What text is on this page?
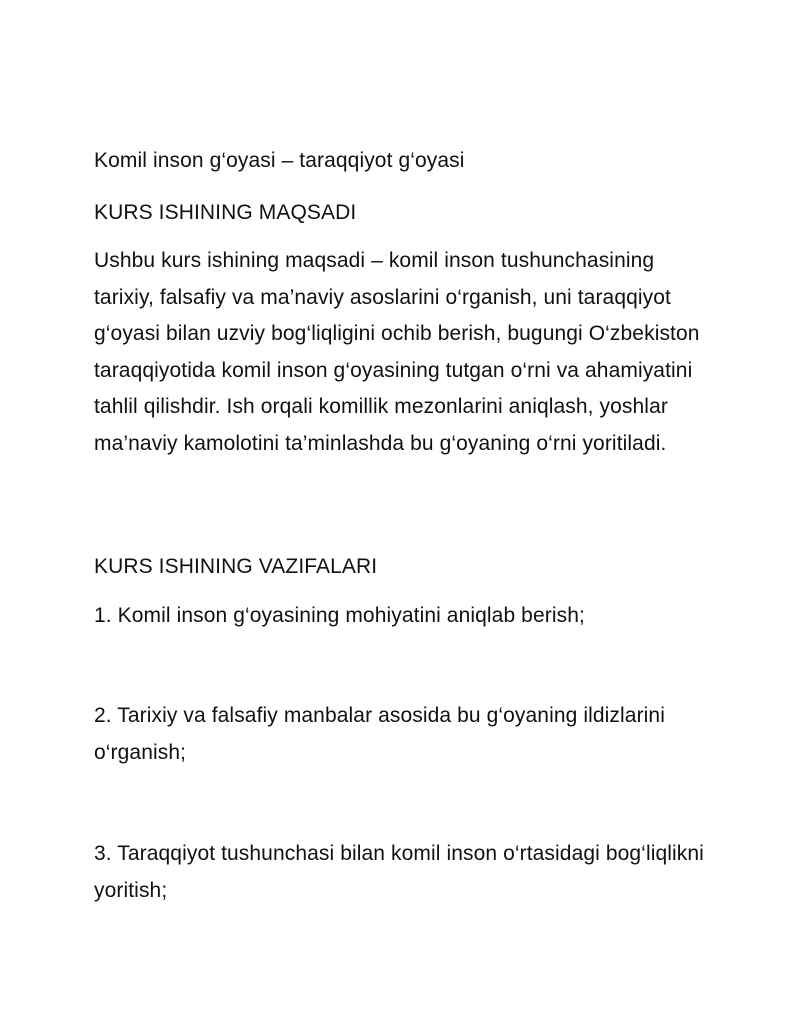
Komil inson g‘oyasi – taraqqiyot g‘oyasi

KURS ISHINING MAQSADI

Ushbu kurs ishining maqsadi – komil inson tushunchasining tarixiy, falsafiy va ma’naviy asoslarini o‘rganish, uni taraqqiyot g‘oyasi bilan uzviy bog‘liqligini ochib berish, bugungi O‘zbekiston taraqqiyotida komil inson g‘oyasining tutgan o‘rni va ahamiyatini tahlil qilishdir. Ish orqali komillik mezonlarini aniqlash, yoshlar ma’naviy kamolotini ta’minlashda bu g‘oyaning o‘rni yoritiladi.

KURS ISHINING VAZIFALARI

1. Komil inson g‘oyasining mohiyatini aniqlab berish;

2. Tarixiy va falsafiy manbalar asosida bu g‘oyaning ildizlarini o‘rganish;

3. Taraqqiyot tushunchasi bilan komil inson o‘rtasidagi bog‘liqlikni yoritish;
